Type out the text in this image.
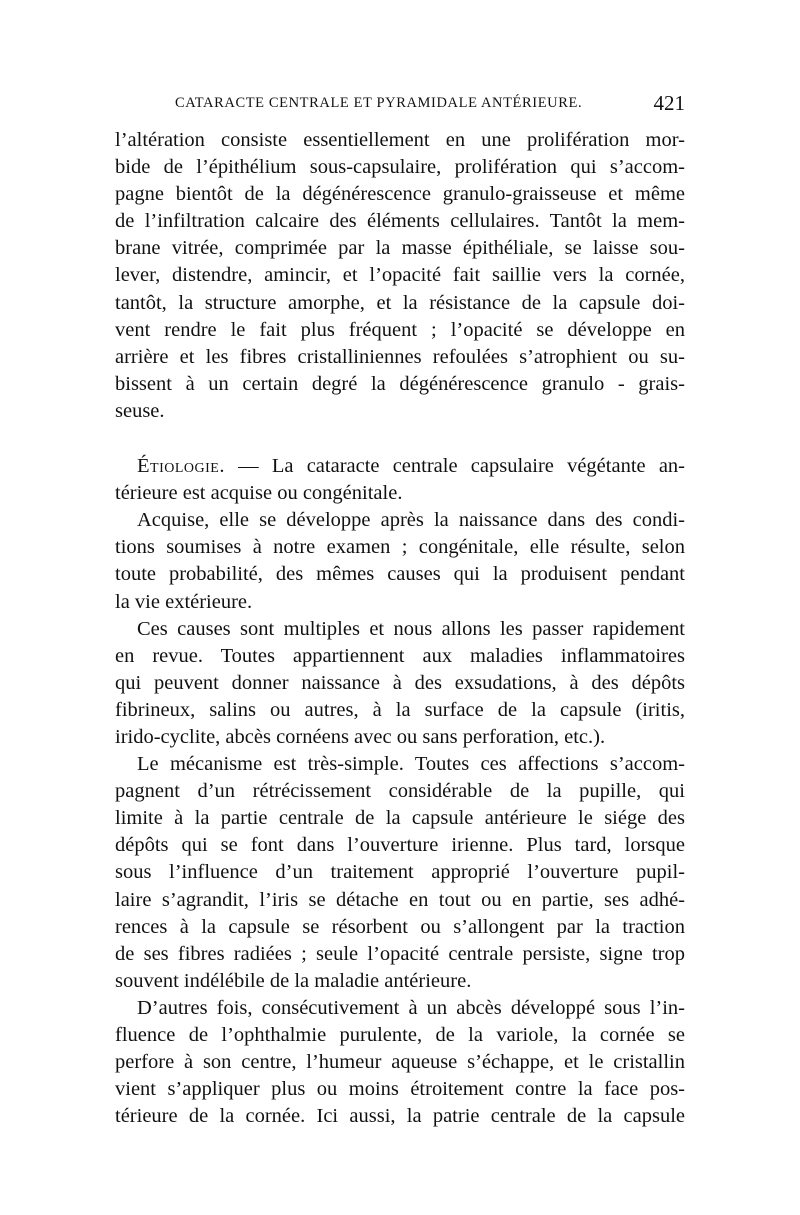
CATARACTE CENTRALE ET PYRAMIDALE ANTÉRIEURE.	421
l’altération consiste essentiellement en une prolifération mor-
bide de l’épithélium sous-capsulaire, prolifération qui s’accom-
pagne bientôt de la dégénérescence granulo-graisseuse et même
de l’infiltration calcaire des éléments cellulaires. Tantôt la mem-
brane vitrée, comprimée par la masse épithéliale, se laisse sou-
lever, distendre, amincir, et l’opacité fait saillie vers la cornée,
tantôt, la structure amorphe, et la résistance de la capsule doi-
vent rendre le fait plus fréquent ; l’opacité se développe en
arrière et les fibres cristalliniennes refoulées s’atrophient ou su-
bissent à un certain degré la dégénérescence granulo - grais-
seuse.
Étiologie. — La cataracte centrale capsulaire végétante an-
térieure est acquise ou congénitale.
Acquise, elle se développe après la naissance dans des condi-
tions soumises à notre examen ; congénitale, elle résulte, selon
toute probabilité, des mêmes causes qui la produisent pendant
la vie extérieure.
Ces causes sont multiples et nous allons les passer rapidement
en revue. Toutes appartiennent aux maladies inflammatoires
qui peuvent donner naissance à des exsudations, à des dépôts
fibrineux, salins ou autres, à la surface de la capsule (iritis,
irido-cyclite, abcès cornéens avec ou sans perforation, etc.).
Le mécanisme est très-simple. Toutes ces affections s’accom-
pagnent d’un rétrécissement considérable de la pupille, qui
limite à la partie centrale de la capsule antérieure le siége des
dépôts qui se font dans l’ouverture irienne. Plus tard, lorsque
sous l’influence d’un traitement approprié l’ouverture pupil-
laire s’agrandit, l’iris se détache en tout ou en partie, ses adhé-
rences à la capsule se résorbent ou s’allongent par la traction
de ses fibres radiées ; seule l’opacité centrale persiste, signe trop
souvent indélébile de la maladie antérieure.
D’autres fois, consécutivement à un abcès développé sous l’in-
fluence de l’ophthalmie purulente, de la variole, la cornée se
perfore à son centre, l’humeur aqueuse s’échappe, et le cristallin
vient s’appliquer plus ou moins étroitement contre la face pos-
térieure de la cornée. Ici aussi, la patrie centrale de la capsule
